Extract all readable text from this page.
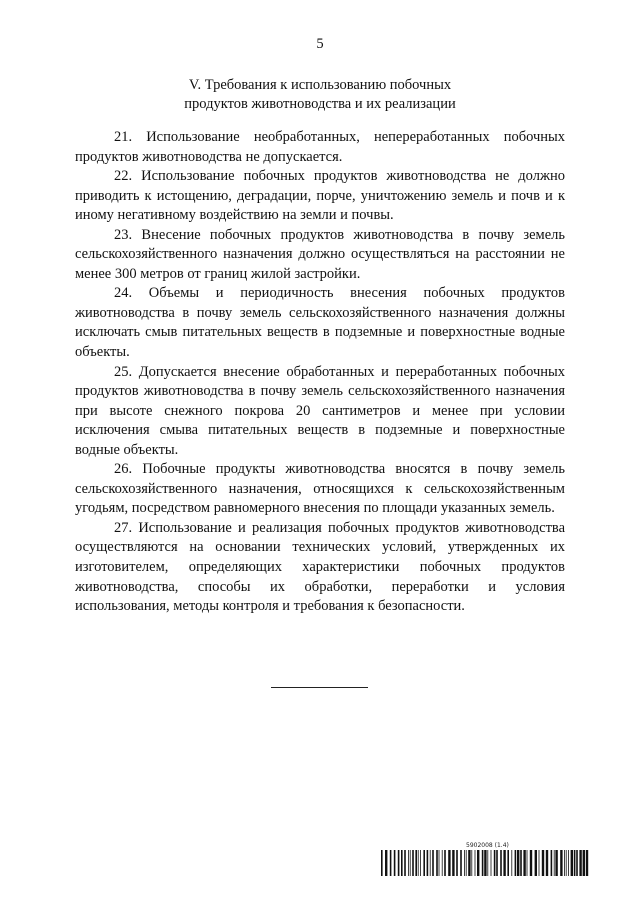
5
V. Требования к использованию побочных
продуктов животноводства и их реализации

21. Использование необработанных, непереработанных побочных продуктов животноводства не допускается.

22. Использование побочных продуктов животноводства не должно приводить к истощению, деградации, порче, уничтожению земель и почв и к иному негативному воздействию на земли и почвы.

23. Внесение побочных продуктов животноводства в почву земель сельскохозяйственного назначения должно осуществляться на расстоянии не менее 300 метров от границ жилой застройки.

24. Объемы и периодичность внесения побочных продуктов животноводства в почву земель сельскохозяйственного назначения должны исключать смыв питательных веществ в подземные и поверхностные водные объекты.

25. Допускается внесение обработанных и переработанных побочных продуктов животноводства в почву земель сельскохозяйственного назначения при высоте снежного покрова 20 сантиметров и менее при условии исключения смыва питательных веществ в подземные и поверхностные водные объекты.

26. Побочные продукты животноводства вносятся в почву земель сельскохозяйственного назначения, относящихся к сельскохозяйственным угодьям, посредством равномерного внесения по площади указанных земель.

27. Использование и реализация побочных продуктов животноводства осуществляются на основании технических условий, утвержденных их изготовителем, определяющих характеристики побочных продуктов животноводства, способы их обработки, переработки и условия использования, методы контроля и требования к безопасности.

5902008 (1.4)
